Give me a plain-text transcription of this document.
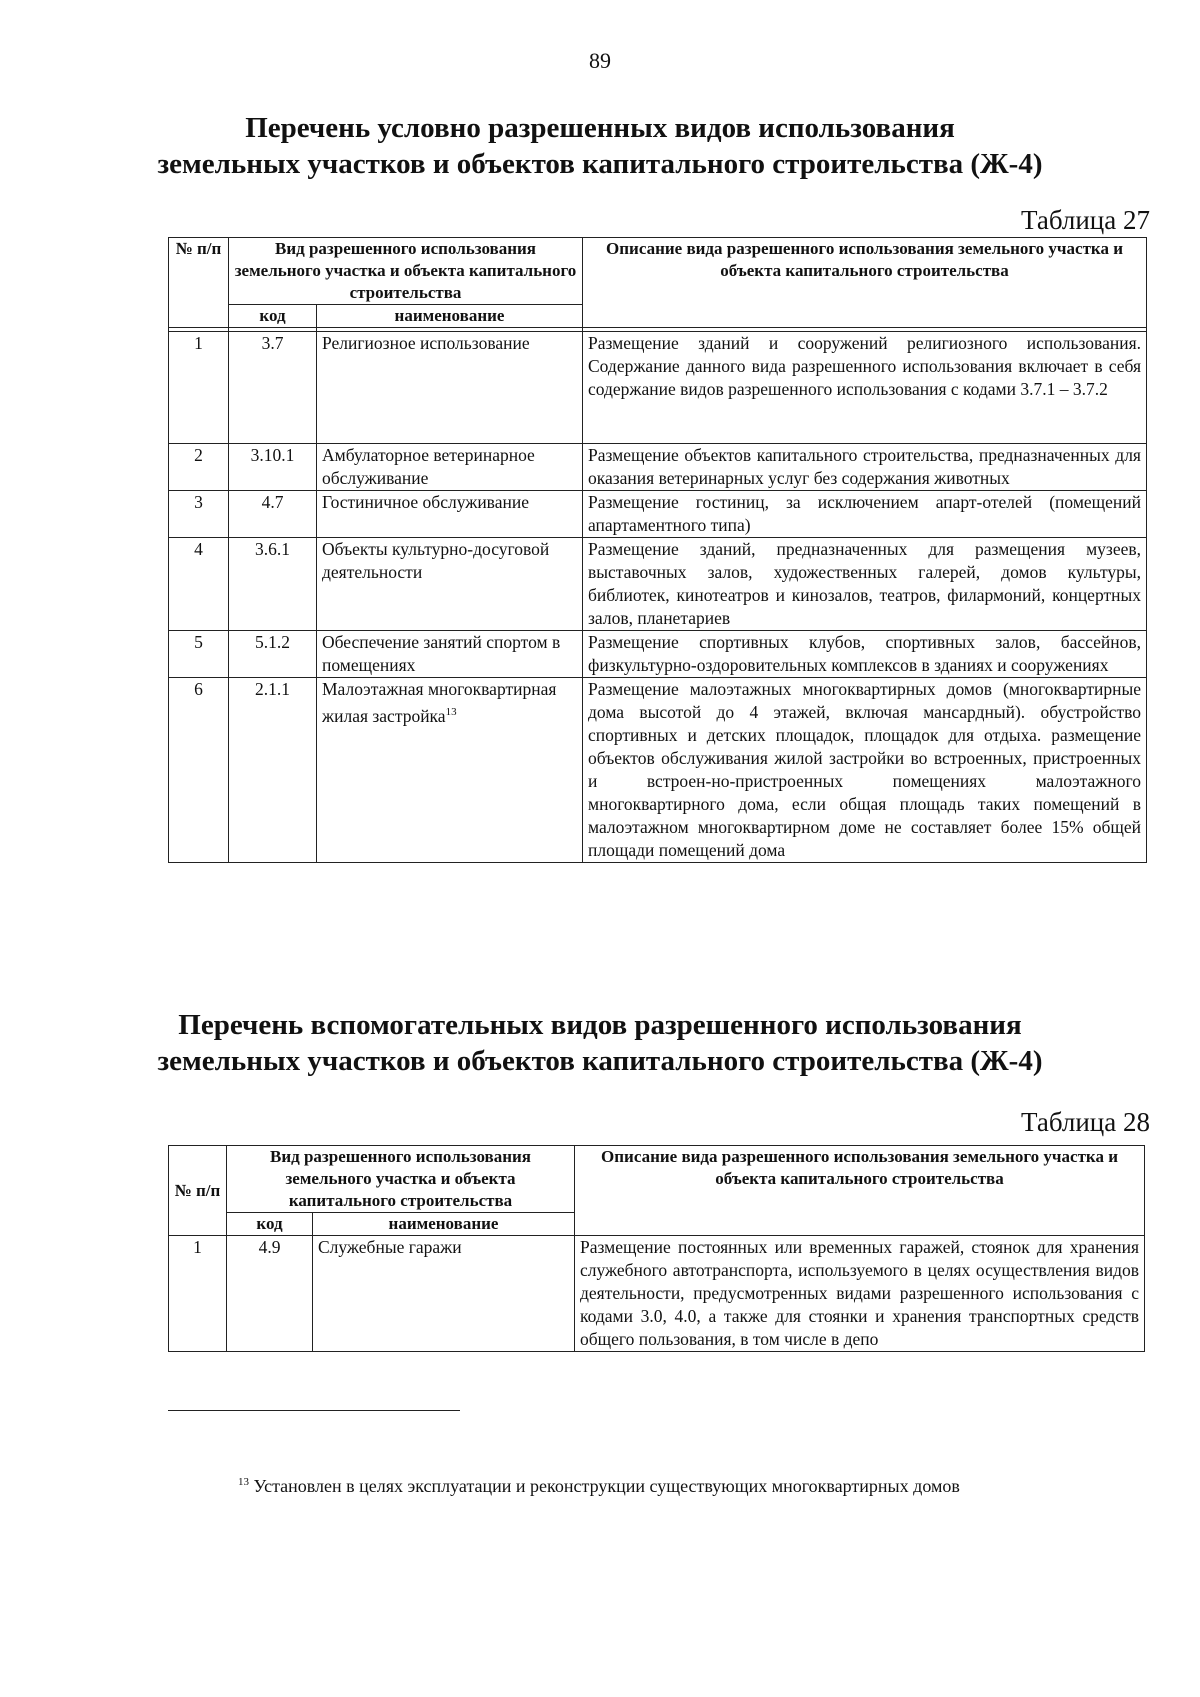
89
Перечень условно разрешенных видов использования
земельных участков и объектов капитального строительства (Ж-4)
Таблица 27
№ п/п	Вид разрешенного использования земельного участка и объекта капитального строительства		Описание вида разрешенного использования земельного участка и объекта капитального строительства
	код	наименование	

1	3.7	Религиозное использование	Размещение зданий и сооружений религиозного использования. Содержание данного вида разрешенного использования включает в себя содержание видов разрешенного использования с кодами 3.7.1 – 3.7.2
2	3.10.1	Амбулаторное ветеринарное обслуживание	Размещение объектов капитального строительства, предназначенных для оказания ветеринарных услуг без содержания животных
3	4.7	Гостиничное обслуживание	Размещение гостиниц, за исключением апарт-отелей (помещений апартаментного типа)
4	3.6.1	Объекты культурно-досуговой деятельности	Размещение зданий, предназначенных для размещения музеев, выставочных залов, художественных галерей, домов культуры, библиотек, кинотеатров и кинозалов, театров, филармоний, концертных залов, планетариев
5	5.1.2	Обеспечение занятий спортом в помещениях	Размещение спортивных клубов, спортивных залов, бассейнов, физкультурно-оздоровительных комплексов в зданиях и сооружениях
6	2.1.1	Малоэтажная многоквартирная жилая застройка$^{13}$	Размещение малоэтажных многоквартирных домов (многоквартирные дома высотой до 4 этажей, включая мансардный). обустройство спортивных и детских площадок, площадок для отдыха. размещение объектов обслуживания жилой застройки во встроенных, пристроенных и встроен-но-пристроенных помещениях малоэтажного многоквартирного дома, если общая площадь таких помещений в малоэтажном многоквартирном доме не составляет более 15% общей площади помещений дома
Перечень вспомогательных видов разрешенного использования
земельных участков и объектов капитального строительства (Ж-4)
Таблица 28
№ п/п	Вид разрешенного использования земельного участка и объекта капитального строительства		Описание вида разрешенного использования земельного участка и объекта капитального строительства
	код	наименование	
1	4.9	Служебные гаражи	Размещение постоянных или временных гаражей, стоянок для хранения служебного автотранспорта, используемого в целях осуществления видов деятельности, предусмотренных видами разрешенного использования с кодами 3.0, 4.0, а также для стоянки и хранения транспортных средств общего пользования, в том числе в депо
$^{13}$ Установлен в целях эксплуатации и реконструкции существующих многоквартирных домов
